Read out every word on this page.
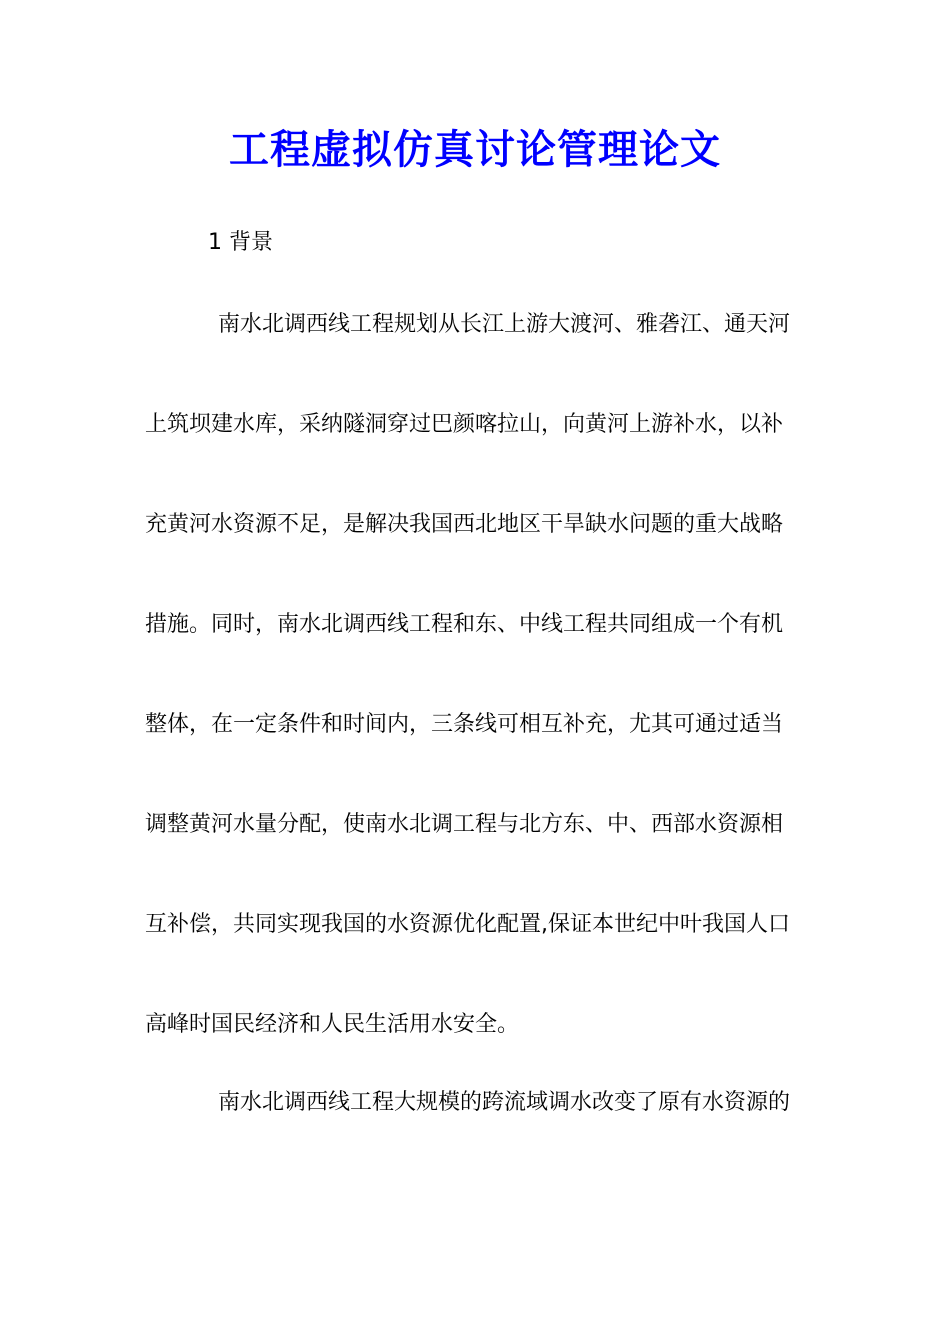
工程虚拟仿真讨论管理论文
1 背景
南水北调西线工程规划从长江上游大渡河、雅砻江、通天河
上筑坝建水库，采纳隧洞穿过巴颜喀拉山，向黄河上游补水，以补
充黄河水资源不足，是解决我国西北地区干旱缺水问题的重大战略
措施。同时，南水北调西线工程和东、中线工程共同组成一个有机
整体，在一定条件和时间内，三条线可相互补充，尤其可通过适当
调整黄河水量分配，使南水北调工程与北方东、中、西部水资源相
互补偿，共同实现我国的水资源优化配置,保证本世纪中叶我国人口
高峰时国民经济和人民生活用水安全。
南水北调西线工程大规模的跨流域调水改变了原有水资源的
